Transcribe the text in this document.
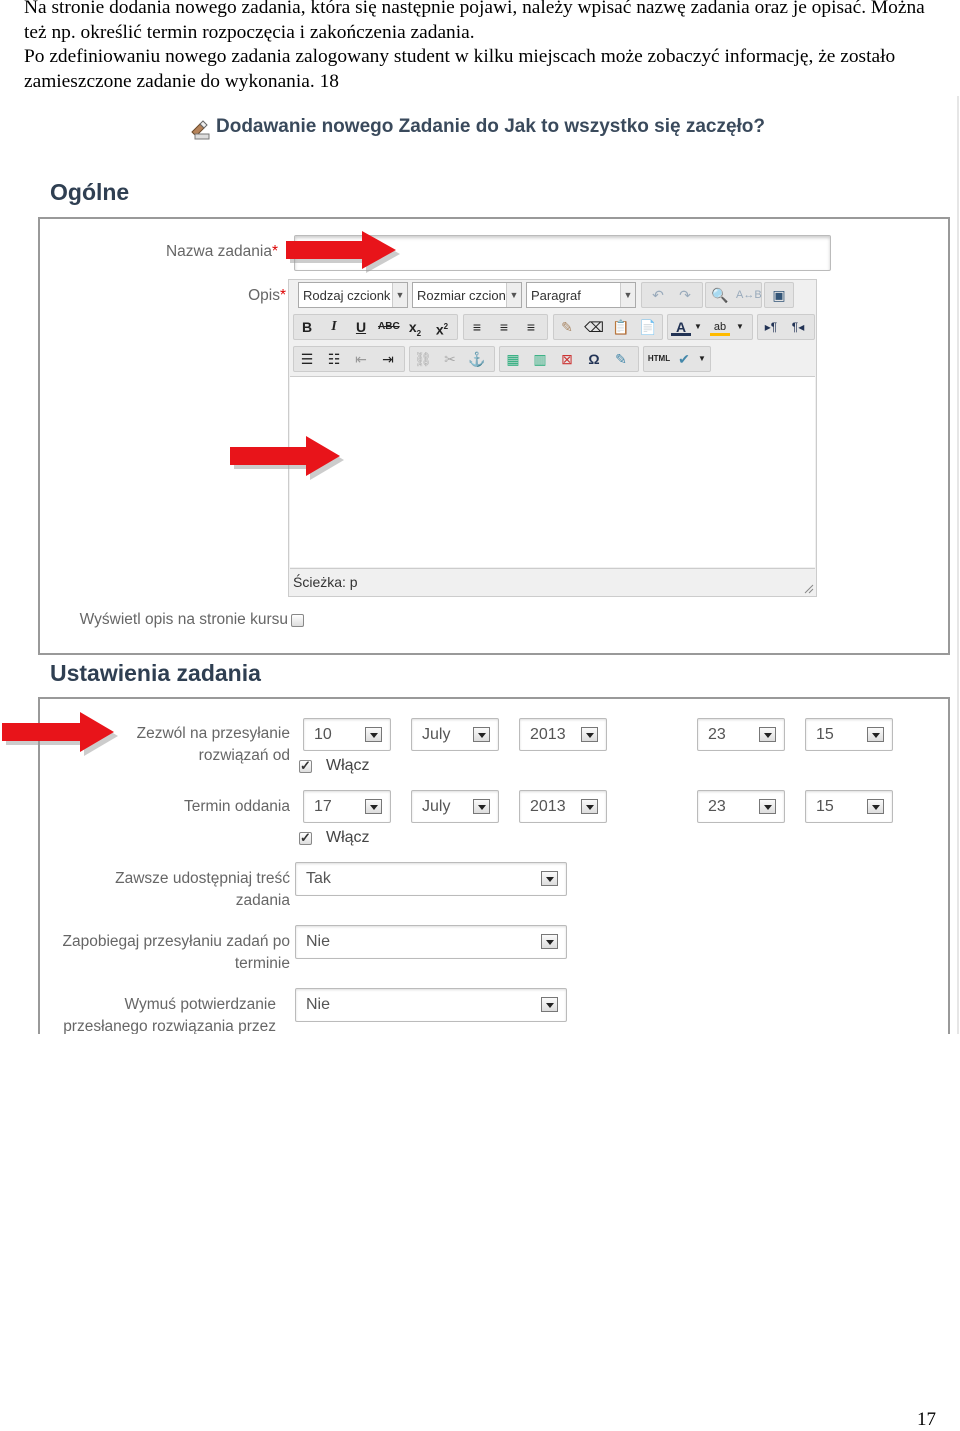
Na stronie dodania nowego zadania, która się następnie pojawi, należy wpisać nazwę zadania oraz je opisać. Można też np. określić termin rozpoczęcia i zakończenia zadania.

Po zdefiniowaniu nowego zadania zalogowany student w kilku miejscach może zobaczyć informację, że zostało zamieszczone zadanie do wykonania. 18

Dodawanie nowego Zadanie do Jak to wszystko się zaczęło?
Ogólne
Nazwa zadania*
Opis*	Rodzaj czcionk ▼ Rozmiar czcion ▼ Paragraf	▼ ↶ ↷ 🔍 A↔B ▣
B	I	U	ABC $x_2$ $x^2$	≡	≡	≡	✎ ⌫ 📋 📄	A ▼	ab	▼	▸¶	¶◂
☰ ☷ ⇤ ⇥ ⛓ ✂ ⚓ ▦ ▥ ⊠	Ω	✎	HTML ✔	▼
Ścieżka: p
Wyświetl opis na stronie kursu
Ustawienia zadania
Zezwól na przesyłanie rozwiązań od
10	July	2013	23	15
✓
Włącz
Termin oddania	17	July	2013	23	15
✓
Włącz
Zawsze udostępniaj treść zadania
Tak
Zapobiegaj przesyłaniu zadań po terminie
Nie
Wymuś potwierdzanie przesłanego rozwiązania przez
Nie
17
